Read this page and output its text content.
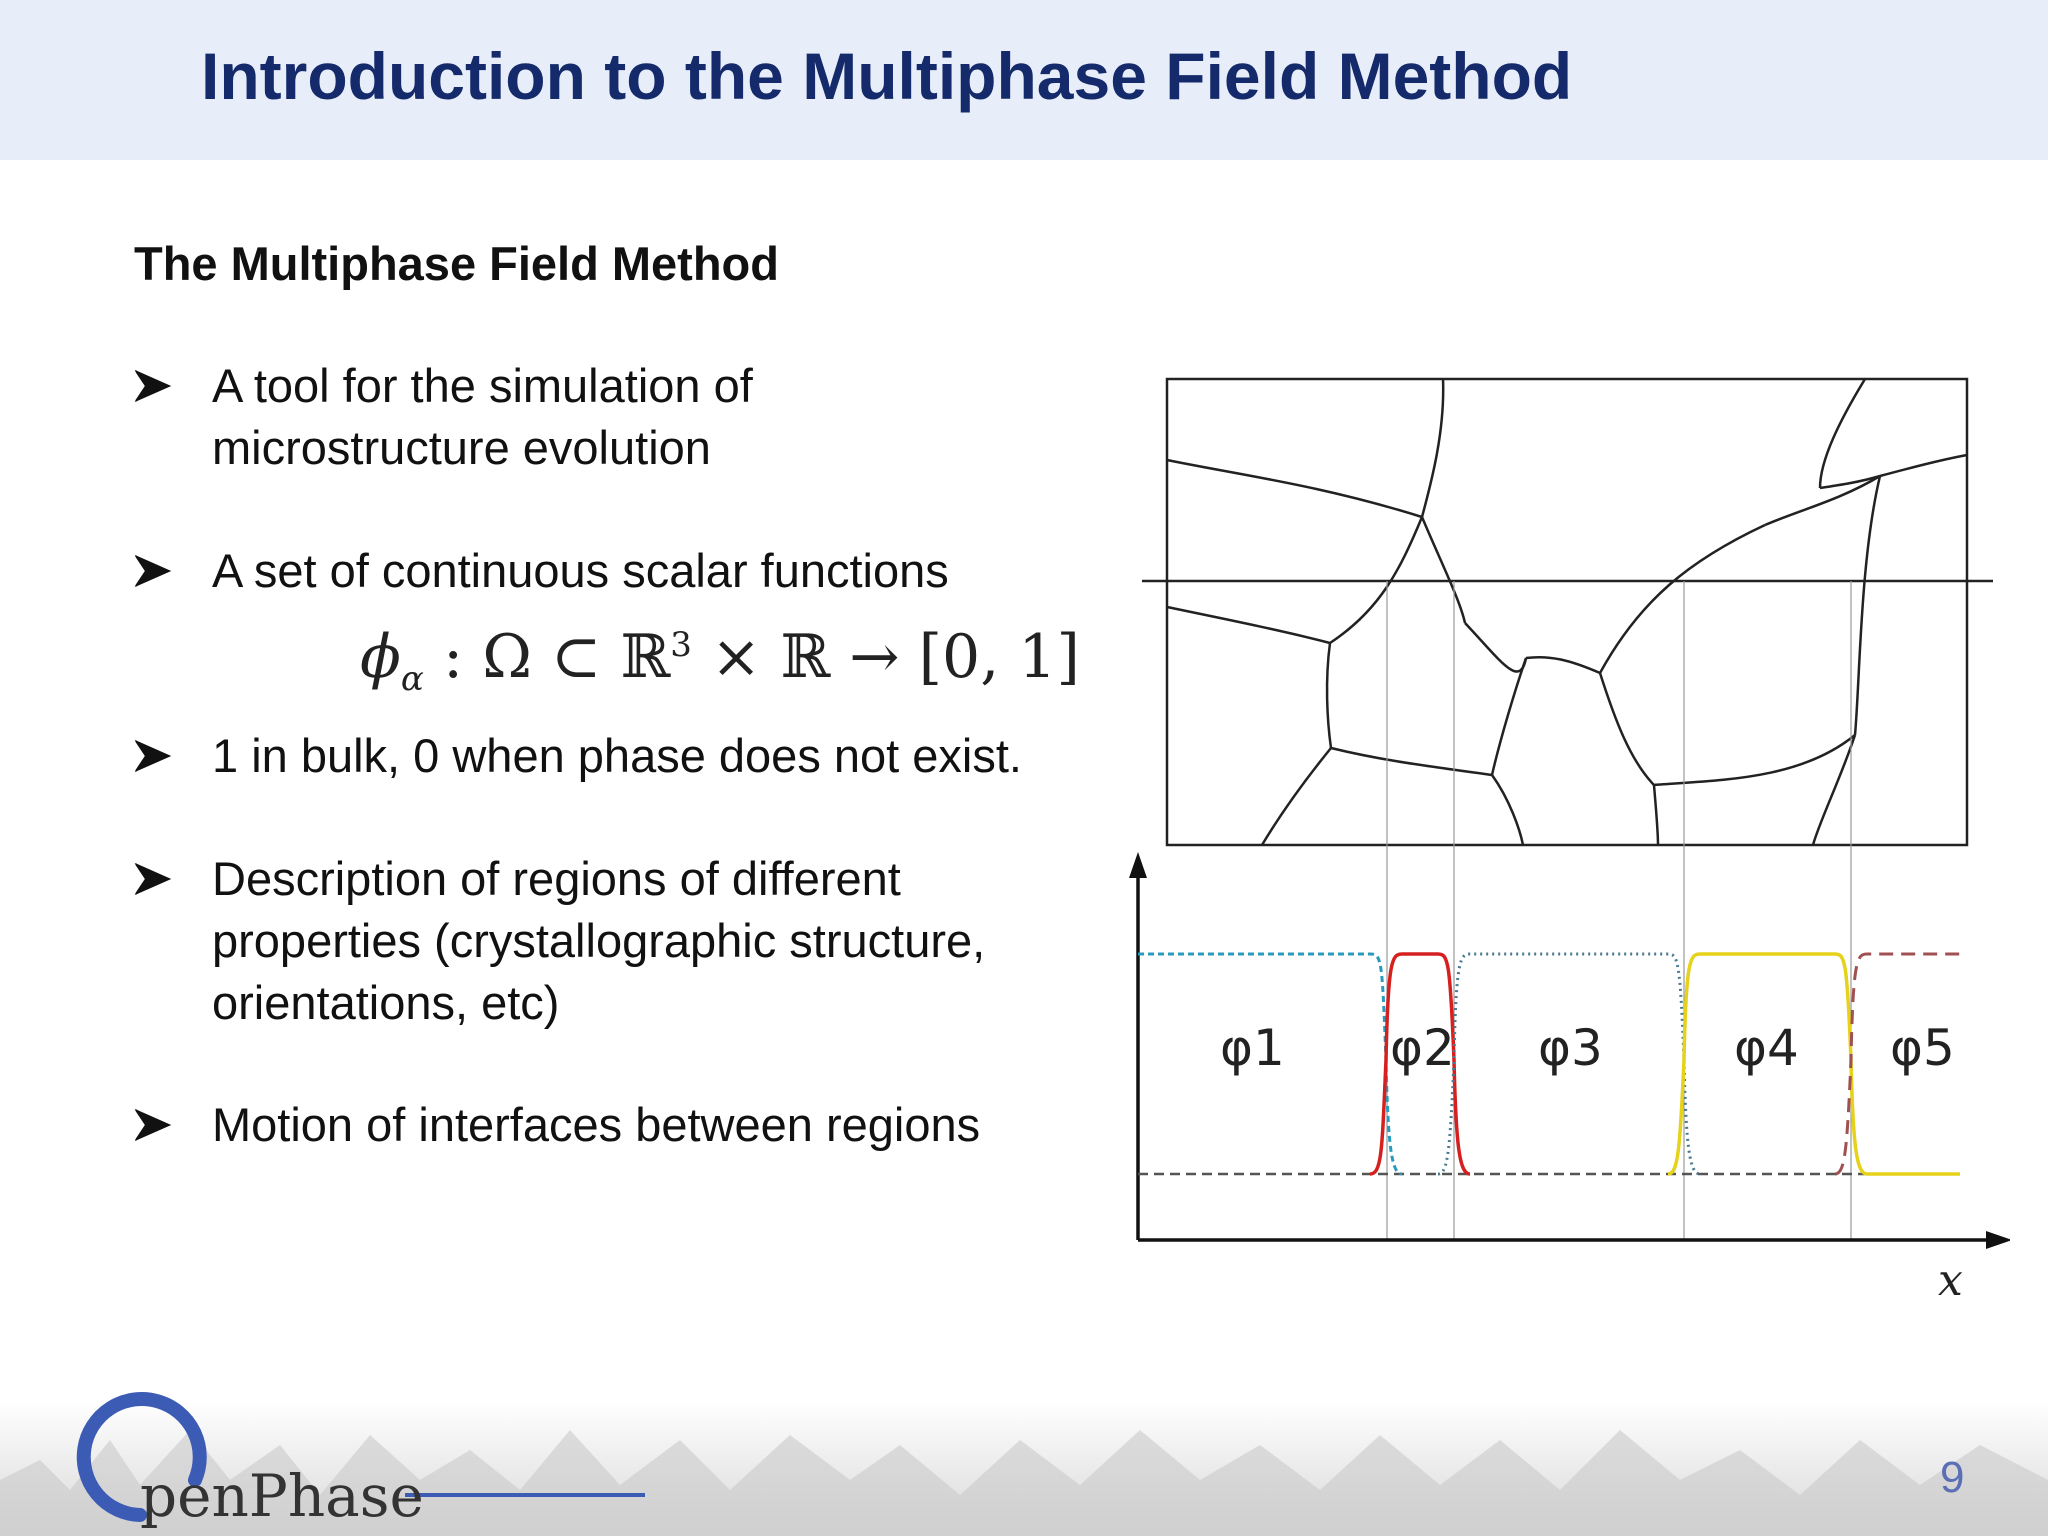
Introduction to the Multiphase Field Method
The Multiphase Field Method
A tool for the simulation of
microstructure evolution
A set of continuous scalar functions
$\phi_\alpha$ : Ω ⊂ ℝ$^3$ × ℝ → [0, 1]
1 in bulk, 0 when phase does not exist.
Description of regions of different
properties (crystallographic structure,
orientations, etc)
Motion of interfaces between regions
φ1 φ2 φ3	φ4 φ5
x
penPhase	9
